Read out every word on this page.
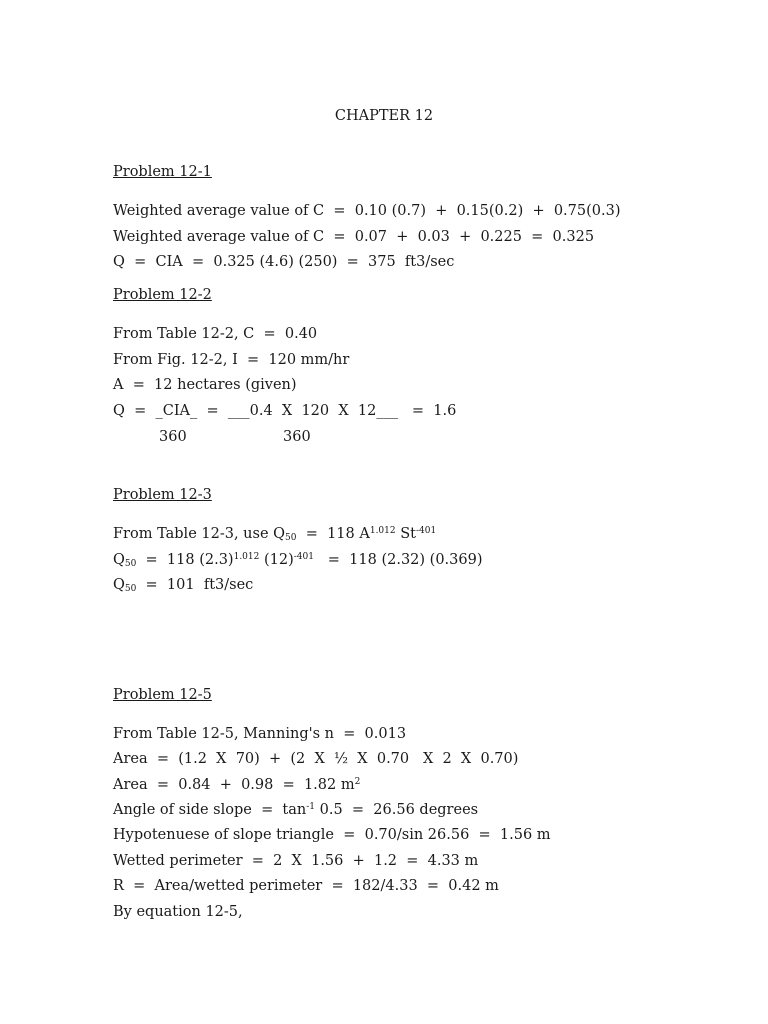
CHAPTER 12
Problem 12-1
Weighted average value of C  =  0.10 (0.7)  +  0.15(0.2)  +  0.75(0.3)
Weighted average value of C  =  0.07  +  0.03  +  0.225  =  0.325
Q  =  CIA  =  0.325 (4.6) (250)  =  375  ft3/sec
Problem 12-2
From Table 12-2, C  =  0.40
From Fig. 12-2, I  =  120 mm/hr
A  =  12 hectares (given)
Q  =  _CIA_  =  ___0.4  X  120  X  12___   =  1.6
360	360
Problem 12-3
From Table 12-3, use $Q_{50} = 118$ $A^{1.012}$ $St^{-401}$
$Q_{50} = 118$ $(2.3)^{1.012}$ $(12)^{-401} = 118$ (2.32) (0.369)
$Q_{50} = 101$  ft3/sec
Problem 12-5
From Table 12-5, Manning's n  =  0.013
Area  =  (1.2  X  70)  +  (2  X  ½  X  0.70   X  2  X  0.70)
Area  =  0.84  +  0.98  =  1.82 $m^2$
Angle of side slope  =  $\tan^{-1} 0.5 = 26.56$ degrees
Hypotenuese of slope triangle  =  0.70/sin 26.56  =  1.56 m
Wetted perimeter  =  2  X  1.56  +  1.2  =  4.33 m
R  =  Area/wetted perimeter  =  182/4.33  =  0.42 m
By equation 12-5,
